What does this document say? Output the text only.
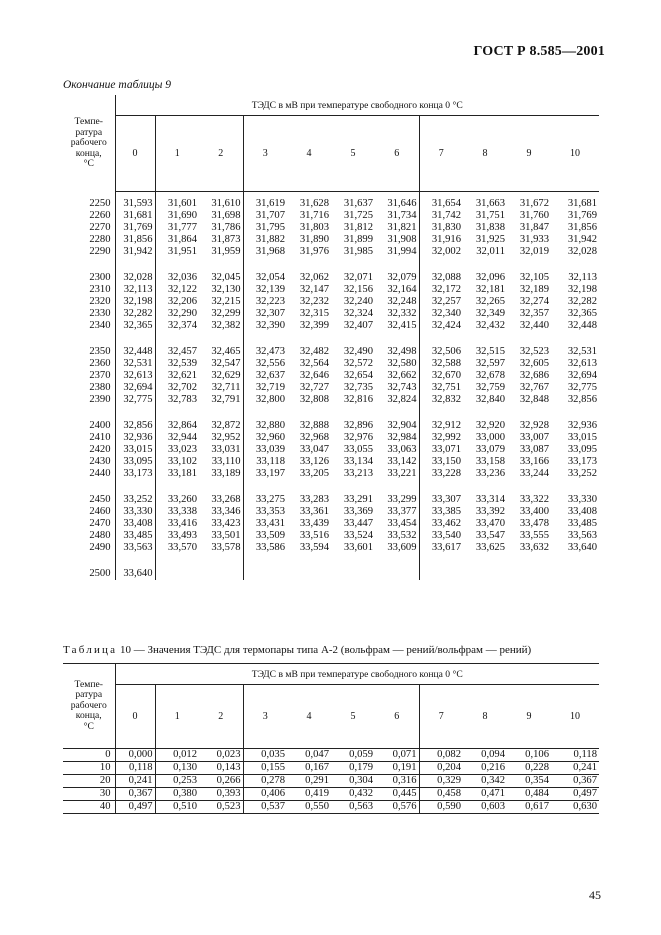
ГОСТ Р 8.585—2001
Окончание таблицы 9
Темпе-
ратура
рабочего
конца,
°С	ТЭДС в мВ при температуре свободного конца 0 °С										
	0	1	2	3	4	5	6	7	8	9	10
2250	31,593	31,601	31,610	31,619	31,628	31,637	31,646	31,654	31,663	31,672	31,681
2260	31,681	31,690	31,698	31,707	31,716	31,725	31,734	31,742	31,751	31,760	31,769
2270	31,769	31,777	31,786	31,795	31,803	31,812	31,821	31,830	31,838	31,847	31,856
2280	31,856	31,864	31,873	31,882	31,890	31,899	31,908	31,916	31,925	31,933	31,942
2290	31,942	31,951	31,959	31,968	31,976	31,985	31,994	32,002	32,011	32,019	32,028

2300	32,028	32,036	32,045	32,054	32,062	32,071	32,079	32,088	32,096	32,105	32,113
2310	32,113	32,122	32,130	32,139	32,147	32,156	32,164	32,172	32,181	32,189	32,198
2320	32,198	32,206	32,215	32,223	32,232	32,240	32,248	32,257	32,265	32,274	32,282
2330	32,282	32,290	32,299	32,307	32,315	32,324	32,332	32,340	32,349	32,357	32,365
2340	32,365	32,374	32,382	32,390	32,399	32,407	32,415	32,424	32,432	32,440	32,448

2350	32,448	32,457	32,465	32,473	32,482	32,490	32,498	32,506	32,515	32,523	32,531
2360	32,531	32,539	32,547	32,556	32,564	32,572	32,580	32,588	32,597	32,605	32,613
2370	32,613	32,621	32,629	32,637	32,646	32,654	32,662	32,670	32,678	32,686	32,694
2380	32,694	32,702	32,711	32,719	32,727	32,735	32,743	32,751	32,759	32,767	32,775
2390	32,775	32,783	32,791	32,800	32,808	32,816	32,824	32,832	32,840	32,848	32,856

2400	32,856	32,864	32,872	32,880	32,888	32,896	32,904	32,912	32,920	32,928	32,936
2410	32,936	32,944	32,952	32,960	32,968	32,976	32,984	32,992	33,000	33,007	33,015
2420	33,015	33,023	33,031	33,039	33,047	33,055	33,063	33,071	33,079	33,087	33,095
2430	33,095	33,102	33,110	33,118	33,126	33,134	33,142	33,150	33,158	33,166	33,173
2440	33,173	33,181	33,189	33,197	33,205	33,213	33,221	33,228	33,236	33,244	33,252

2450	33,252	33,260	33,268	33,275	33,283	33,291	33,299	33,307	33,314	33,322	33,330
2460	33,330	33,338	33,346	33,353	33,361	33,369	33,377	33,385	33,392	33,400	33,408
2470	33,408	33,416	33,423	33,431	33,439	33,447	33,454	33,462	33,470	33,478	33,485
2480	33,485	33,493	33,501	33,509	33,516	33,524	33,532	33,540	33,547	33,555	33,563
2490	33,563	33,570	33,578	33,586	33,594	33,601	33,609	33,617	33,625	33,632	33,640

2500	33,640										
Таблица 10 — Значения ТЭДС для термопары типа А-2 (вольфрам — рений/вольфрам — рений)
Темпе-
ратура
рабочего
конца,
°С	ТЭДС в мВ при температуре свободного конца 0 °С										
	0	1	2	3	4	5	6	7	8	9	10
0	0,000	0,012	0,023	0,035	0,047	0,059	0,071	0,082	0,094	0,106	0,118
10	0,118	0,130	0,143	0,155	0,167	0,179	0,191	0,204	0,216	0,228	0,241
20	0,241	0,253	0,266	0,278	0,291	0,304	0,316	0,329	0,342	0,354	0,367
30	0,367	0,380	0,393	0,406	0,419	0,432	0,445	0,458	0,471	0,484	0,497
40	0,497	0,510	0,523	0,537	0,550	0,563	0,576	0,590	0,603	0,617	0,630
45
